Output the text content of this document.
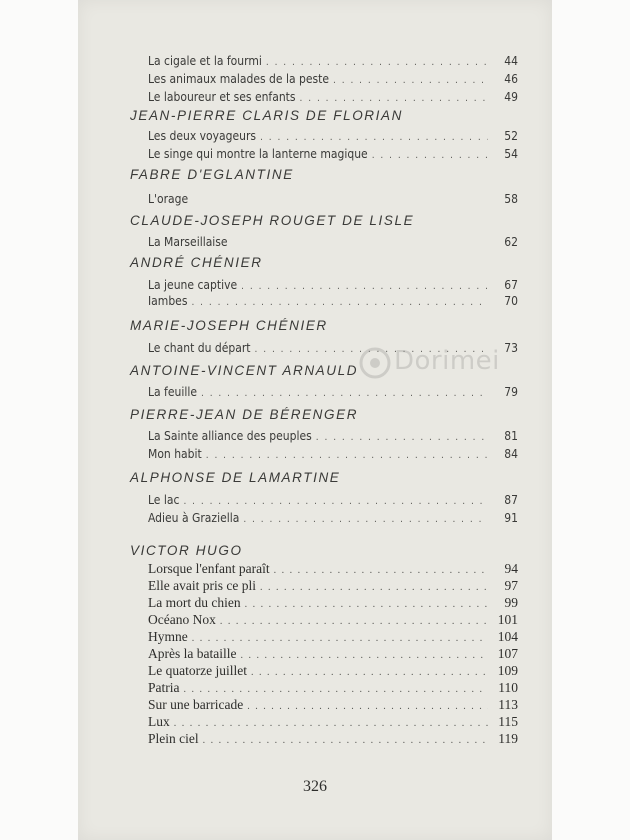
La cigale et la fourmi . . .	44
Les animaux malades de la peste . . .	46
Le laboureur et ses enfants . . .	49
JEAN-PIERRE CLARIS DE FLORIAN
Les deux voyageurs . . .	52
Le singe qui montre la lanterne magique . . .	54
FABRE D'EGLANTINE
L'orage	58
CLAUDE-JOSEPH ROUGET DE LISLE
La Marseillaise	62
ANDRÉ CHÉNIER
La jeune captive . . .	67
Iambes . . .	70
MARIE-JOSEPH CHÉNIER
Le chant du départ . . .	73
ANTOINE-VINCENT ARNAULD
La feuille . . .	79
PIERRE-JEAN DE BÉRENGER
La Sainte alliance des peuples . . .	81
Mon habit . . .	84
ALPHONSE DE LAMARTINE
Le lac . . .	87
Adieu à Graziella . . .	91
VICTOR HUGO
Lorsque l'enfant paraît . . .	94
Elle avait pris ce pli . . .	97
La mort du chien . . .	99
Océano Nox . . .	101
Hymne . . .	104
Après la bataille . . .	107
Le quatorze juillet . . .	109
Patria . . .	110
Sur une barricade . . .	113
Lux . . .	115
Plein ciel . . .	119
Dorimei
326
